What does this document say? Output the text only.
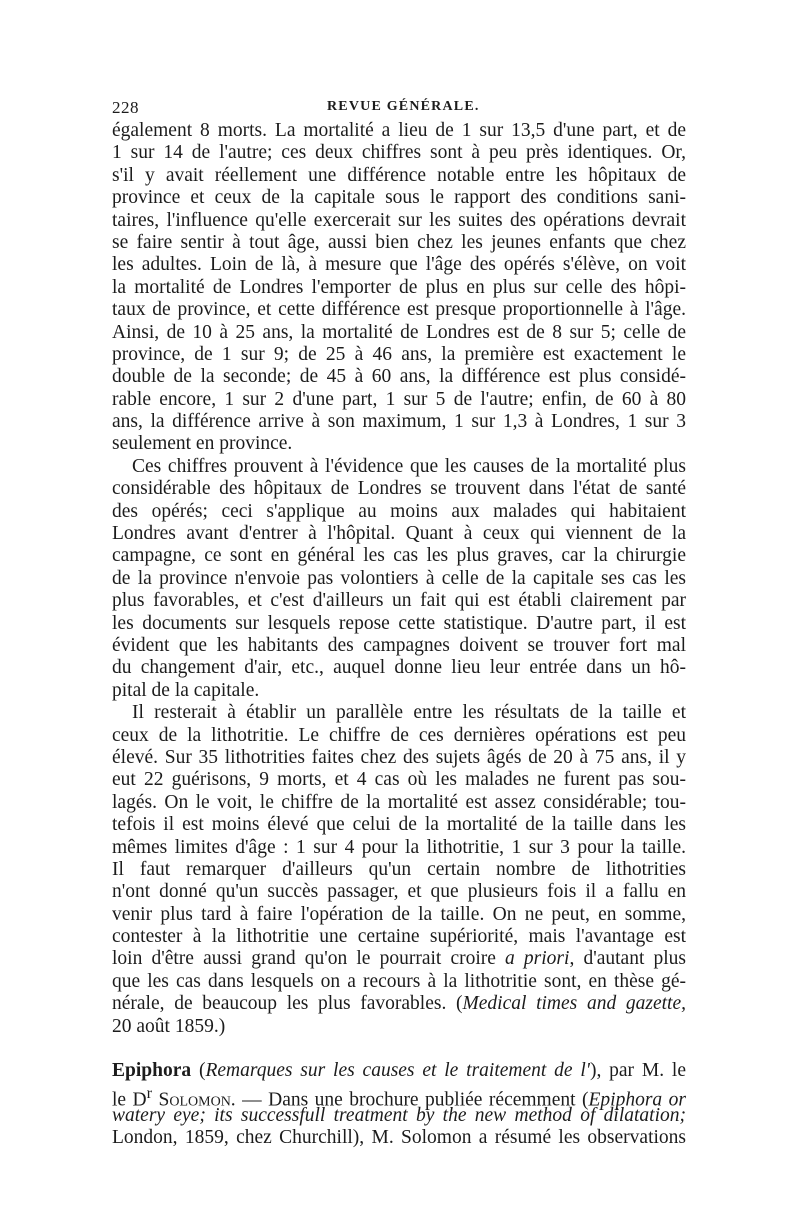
228	REVUE GÉNÉRALE.
également 8 morts. La mortalité a lieu de 1 sur 13,5 d'une part, et de
1 sur 14 de l'autre; ces deux chiffres sont à peu près identiques. Or,
s'il y avait réellement une différence notable entre les hôpitaux de
province et ceux de la capitale sous le rapport des conditions sani-
taires, l'influence qu'elle exercerait sur les suites des opérations devrait
se faire sentir à tout âge, aussi bien chez les jeunes enfants que chez
les adultes. Loin de là, à mesure que l'âge des opérés s'élève, on voit
la mortalité de Londres l'emporter de plus en plus sur celle des hôpi-
taux de province, et cette différence est presque proportionnelle à l'âge.
Ainsi, de 10 à 25 ans, la mortalité de Londres est de 8 sur 5; celle de
province, de 1 sur 9; de 25 à 46 ans, la première est exactement le
double de la seconde; de 45 à 60 ans, la différence est plus considé-
rable encore, 1 sur 2 d'une part, 1 sur 5 de l'autre; enfin, de 60 à 80
ans, la différence arrive à son maximum, 1 sur 1,3 à Londres, 1 sur 3
seulement en province.
Ces chiffres prouvent à l'évidence que les causes de la mortalité plus
considérable des hôpitaux de Londres se trouvent dans l'état de santé
des opérés; ceci s'applique au moins aux malades qui habitaient
Londres avant d'entrer à l'hôpital. Quant à ceux qui viennent de la
campagne, ce sont en général les cas les plus graves, car la chirurgie
de la province n'envoie pas volontiers à celle de la capitale ses cas les
plus favorables, et c'est d'ailleurs un fait qui est établi clairement par
les documents sur lesquels repose cette statistique. D'autre part, il est
évident que les habitants des campagnes doivent se trouver fort mal
du changement d'air, etc., auquel donne lieu leur entrée dans un hô-
pital de la capitale.
Il resterait à établir un parallèle entre les résultats de la taille et
ceux de la lithotritie. Le chiffre de ces dernières opérations est peu
élevé. Sur 35 lithotrities faites chez des sujets âgés de 20 à 75 ans, il y
eut 22 guérisons, 9 morts, et 4 cas où les malades ne furent pas sou-
lagés. On le voit, le chiffre de la mortalité est assez considérable; tou-
tefois il est moins élevé que celui de la mortalité de la taille dans les
mêmes limites d'âge : 1 sur 4 pour la lithotritie, 1 sur 3 pour la taille.
Il faut remarquer d'ailleurs qu'un certain nombre de lithotrities
n'ont donné qu'un succès passager, et que plusieurs fois il a fallu en
venir plus tard à faire l'opération de la taille. On ne peut, en somme,
contester à la lithotritie une certaine supériorité, mais l'avantage est
loin d'être aussi grand qu'on le pourrait croire a priori, d'autant plus
que les cas dans lesquels on a recours à la lithotritie sont, en thèse gé-
nérale, de beaucoup les plus favorables. (Medical times and gazette,
20 août 1859.)
Epiphora (Remarques sur les causes et le traitement de l'), par M. le
le $D^r$ Solomon. — Dans une brochure publiée récemment (Epiphora or
watery eye; its successfull treatment by the new method of dilatation;
London, 1859, chez Churchill), M. Solomon a résumé les observations
